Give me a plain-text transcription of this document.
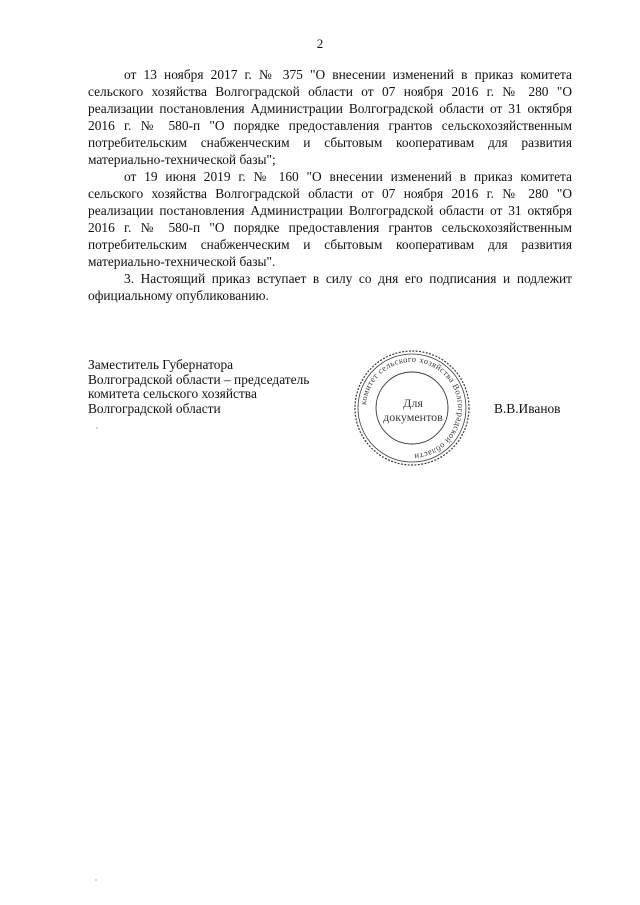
2

от 13 ноября 2017 г. № 375 "О внесении изменений в приказ комитета сельского хозяйства Волгоградской области от 07 ноября 2016 г. № 280 "О реализации постановления Администрации Волгоградской области от 31 октября 2016 г. № 580-п "О порядке предоставления грантов сельскохозяйственным потребительским снабженческим и сбытовым кооперативам для развития материально-технической базы";

от 19 июня 2019 г. № 160 "О внесении изменений в приказ комитета сельского хозяйства Волгоградской области от 07 ноября 2016 г. № 280 "О реализации постановления Администрации Волгоградской области от 31 октября 2016 г. № 580-п "О порядке предоставления грантов сельскохозяйственным потребительским снабженческим и сбытовым кооперативам для развития материально-технической базы".

3. Настоящий приказ вступает в силу со дня его подписания и подлежит официальному опубликованию.

Заместитель Губернатора
Волгоградской области – председатель
комитета сельского хозяйства
Волгоградской области	комитет сельского хозяйства Волгоградской области
Для
документов
В.В.Иванов
